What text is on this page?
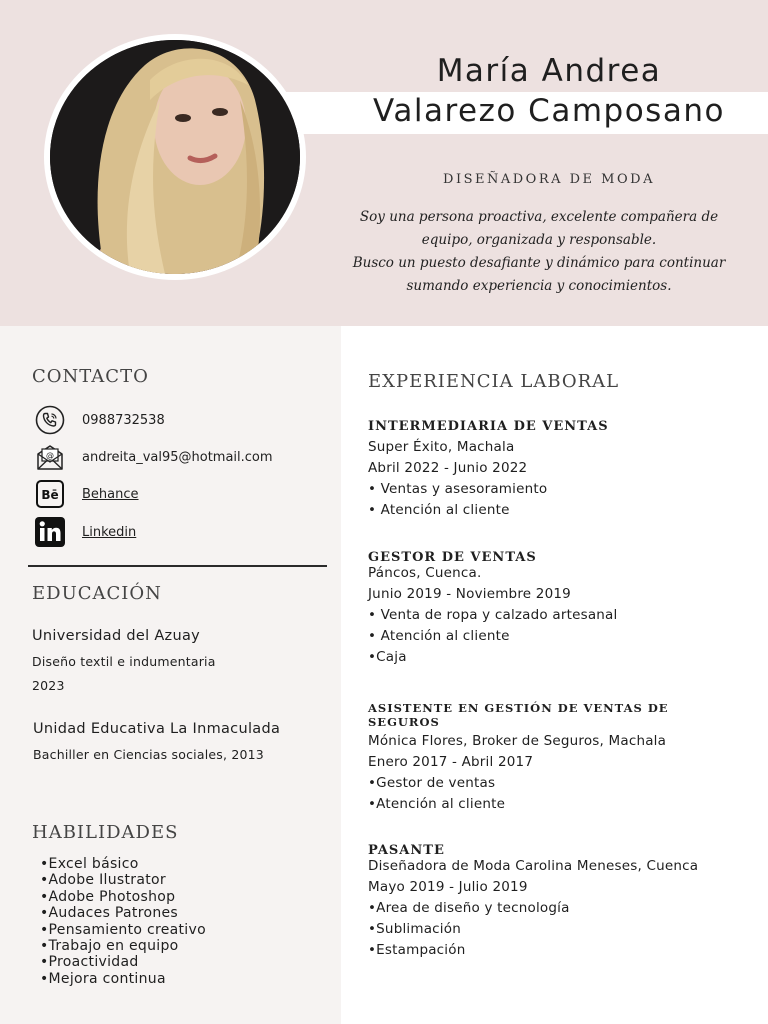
María Andrea
Valarezo Camposano
DISEÑADORA DE MODA
Soy una persona proactiva, excelente compañera de
equipo, organizada y responsable.
Busco un puesto desafiante y dinámico para continuar
sumando experiencia y conocimientos.
CONTACTO
0988732538
@ andreita_val95@hotmail.com
Bē Behance
Linkedin
EDUCACIÓN
Universidad del Azuay
Diseño textil e indumentaria
2023
Unidad Educativa La Inmaculada
Bachiller en Ciencias sociales, 2013
HABILIDADES
•Excel básico
•Adobe Ilustrator
•Adobe Photoshop
•Audaces Patrones
•Pensamiento creativo
•Trabajo en equipo
•Proactividad
•Mejora continua
EXPERIENCIA LABORAL
INTERMEDIARIA DE VENTAS
Super Éxito, Machala
Abril 2022 - Junio 2022
• Ventas y asesoramiento
• Atención al cliente
GESTOR DE VENTAS
Páncos, Cuenca.
Junio 2019 - Noviembre 2019
• Venta de ropa y calzado artesanal
• Atención al cliente
•Caja
ASISTENTE EN GESTIÓN DE VENTAS DE
SEGUROS
Mónica Flores, Broker de Seguros, Machala
Enero 2017 - Abril 2017
•Gestor de ventas
•Atención al cliente
PASANTE
Diseñadora de Moda Carolina Meneses, Cuenca
Mayo 2019 - Julio 2019
•Area de diseño y tecnología
•Sublimación
•Estampación
